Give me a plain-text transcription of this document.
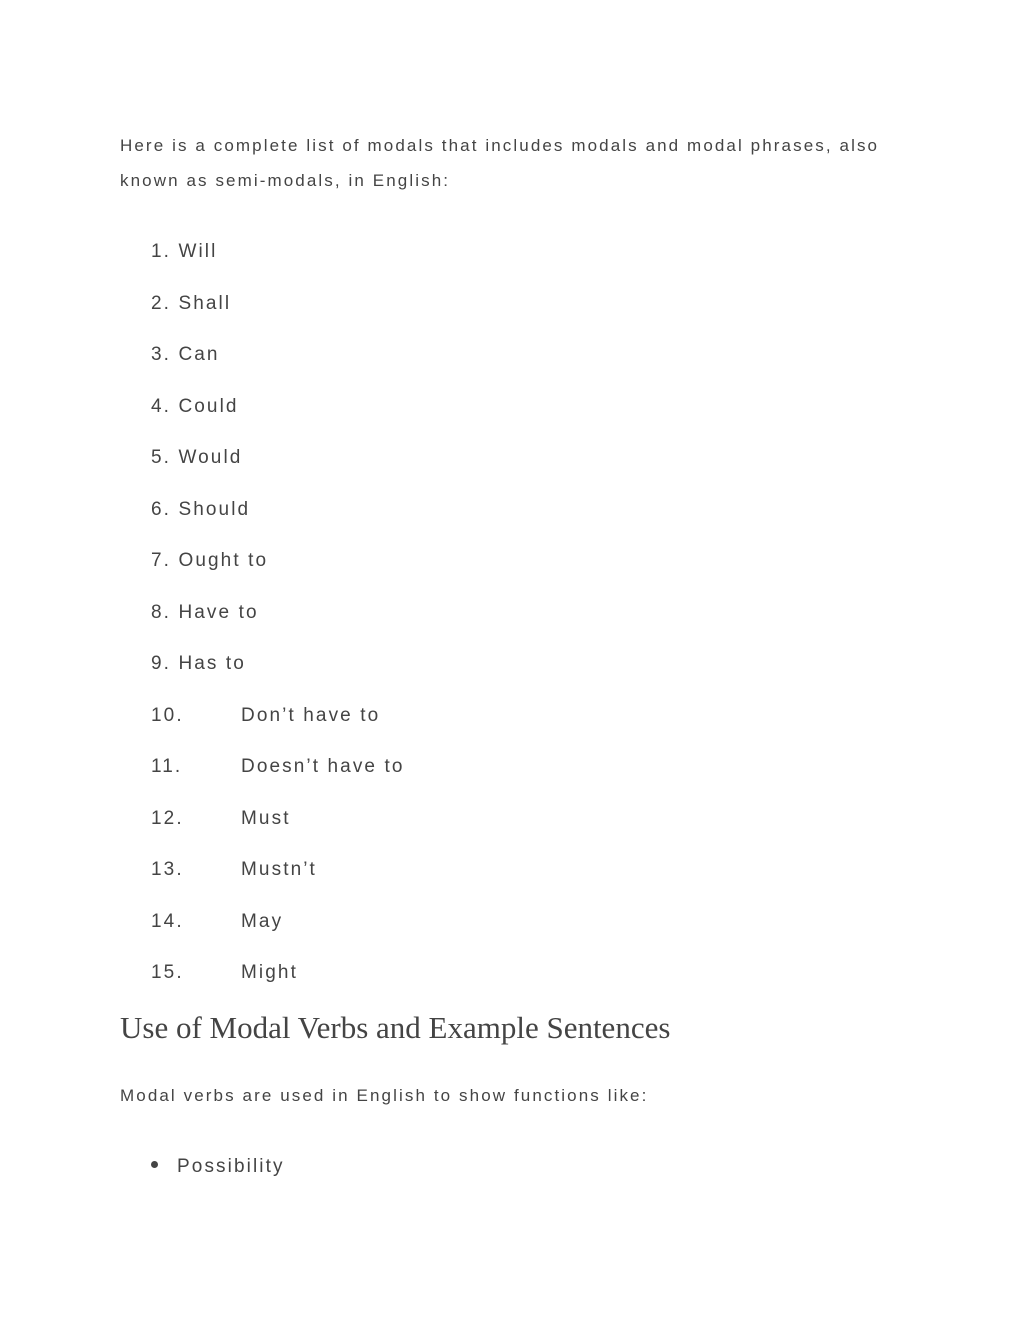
Here is a complete list of modals that includes modals and modal phrases, also known as semi-modals, in English:

1. Will
2. Shall
3. Can
4. Could
5. Would
6. Should
7. Ought to
8. Have to
9. Has to
10.	Don’t have to
11.	Doesn’t have to
12.	Must
13.	Mustn’t
14.	May
15.	Might
Use of Modal Verbs and Example Sentences

Modal verbs are used in English to show functions like:

Possibility
